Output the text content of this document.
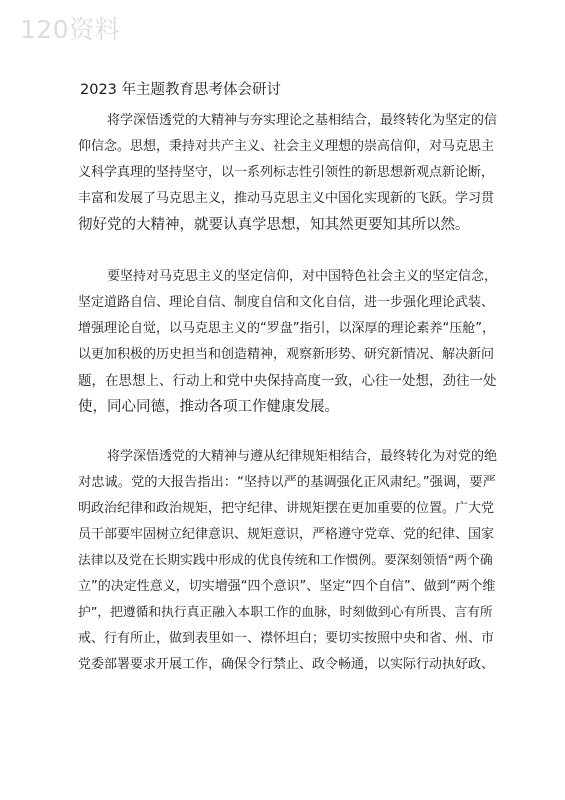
120资料
2023 年主题教育思考体会研讨
将学深悟透党的大精神与夯实理论之基相结合，最终转化为坚定的信
仰信念。思想，秉持对共产主义、社会主义理想的崇高信仰，对马克思主
义科学真理的坚持坚守，以一系列标志性引领性的新思想新观点新论断，
丰富和发展了马克思主义，推动马克思主义中国化实现新的飞跃。学习贯
彻好党的大精神，就要认真学思想，知其然更要知其所以然。
要坚持对马克思主义的坚定信仰，对中国特色社会主义的坚定信念，
坚定道路自信、理论自信、制度自信和文化自信，进一步强化理论武装、
增强理论自觉，以马克思主义的“罗盘”指引，以深厚的理论素养“压舱”，
以更加积极的历史担当和创造精神，观察新形势、研究新情况、解决新问
题，在思想上、行动上和党中央保持高度一致，心往一处想，劲往一处
使，同心同德，推动各项工作健康发展。
将学深悟透党的大精神与遵从纪律规矩相结合，最终转化为对党的绝
对忠诚。党的大报告指出：“坚持以严的基调强化正风肃纪。”强调，要严
明政治纪律和政治规矩，把守纪律、讲规矩摆在更加重要的位置。广大党
员干部要牢固树立纪律意识、规矩意识，严格遵守党章、党的纪律、国家
法律以及党在长期实践中形成的优良传统和工作惯例。要深刻领悟“两个确
立”的决定性意义，切实增强“四个意识”、坚定“四个自信”、做到“两个维
护”，把遵循和执行真正融入本职工作的血脉，时刻做到心有所畏、言有所
戒、行有所止，做到表里如一、襟怀坦白；要切实按照中央和省、州、市
党委部署要求开展工作，确保令行禁止、政令畅通，以实际行动执好政、
